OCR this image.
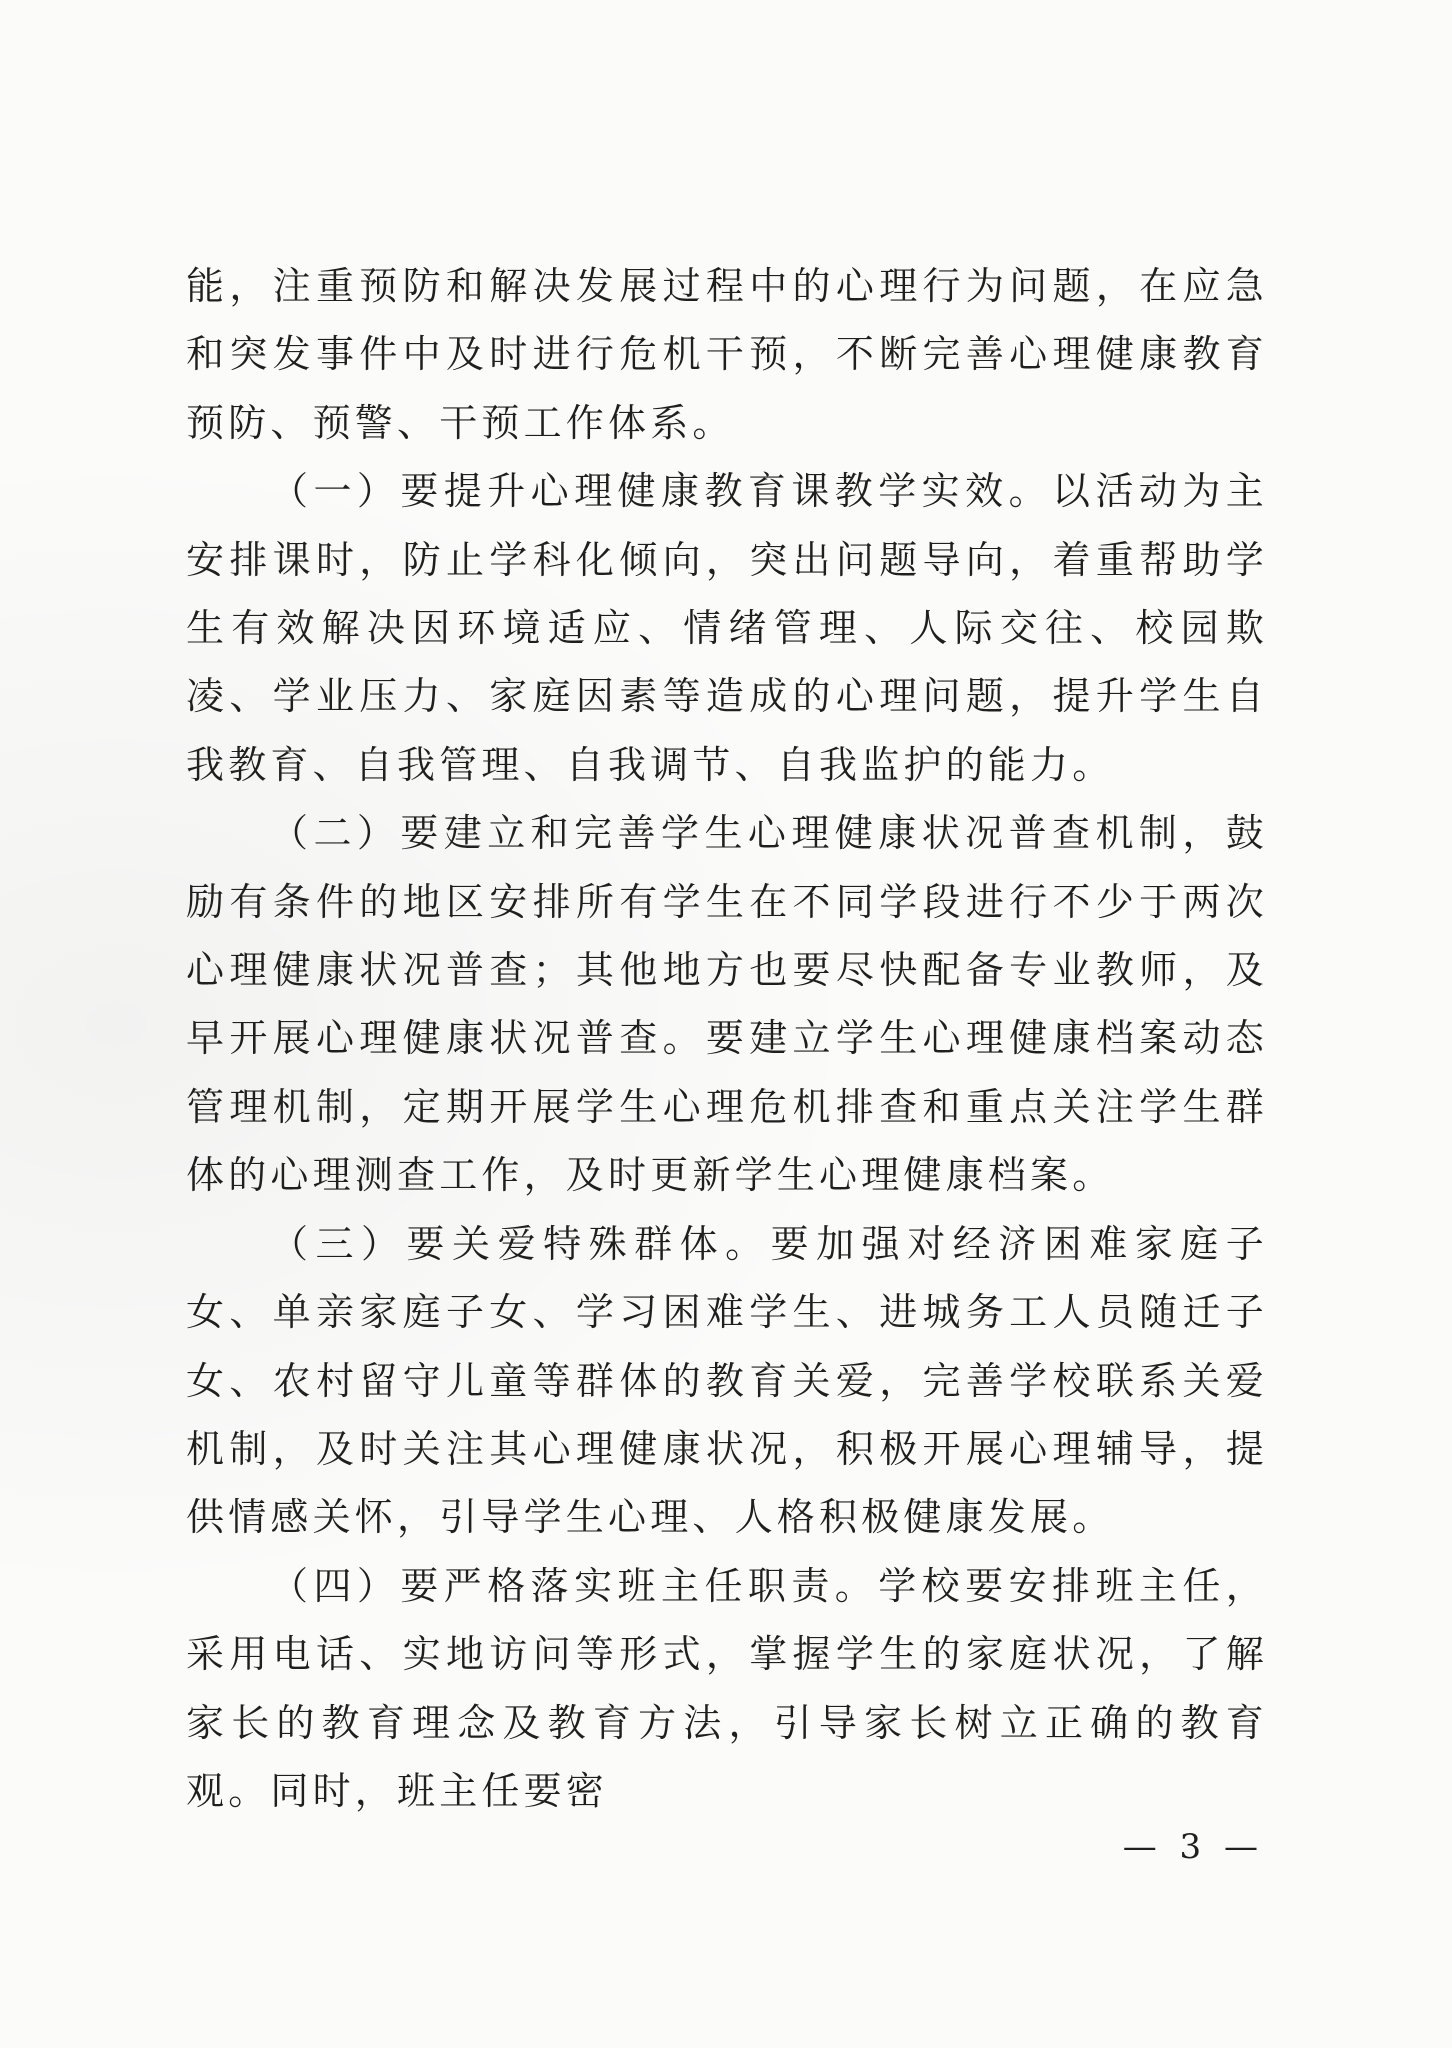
能，注重预防和解决发展过程中的心理行为问题，在应急和突发事件中及时进行危机干预，不断完善心理健康教育预防、预警、干预工作体系。

（一）要提升心理健康教育课教学实效。以活动为主安排课时，防止学科化倾向，突出问题导向，着重帮助学生有效解决因环境适应、情绪管理、人际交往、校园欺凌、学业压力、家庭因素等造成的心理问题，提升学生自我教育、自我管理、自我调节、自我监护的能力。

（二）要建立和完善学生心理健康状况普查机制，鼓励有条件的地区安排所有学生在不同学段进行不少于两次心理健康状况普查；其他地方也要尽快配备专业教师，及早开展心理健康状况普查。要建立学生心理健康档案动态管理机制，定期开展学生心理危机排查和重点关注学生群体的心理测查工作，及时更新学生心理健康档案。

（三）要关爱特殊群体。要加强对经济困难家庭子女、单亲家庭子女、学习困难学生、进城务工人员随迁子女、农村留守儿童等群体的教育关爱，完善学校联系关爱机制，及时关注其心理健康状况，积极开展心理辅导，提供情感关怀，引导学生心理、人格积极健康发展。

（四）要严格落实班主任职责。学校要安排班主任，采用电话、实地访问等形式，掌握学生的家庭状况，了解家长的教育理念及教育方法，引导家长树立正确的教育观。同时，班主任要密

— 3 —
